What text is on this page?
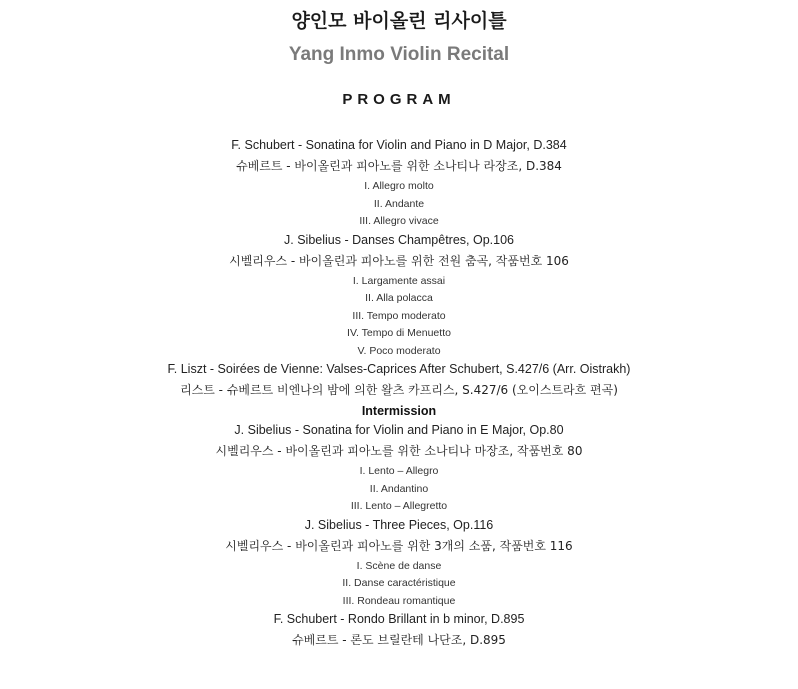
양인모 바이올린 리사이틀
Yang Inmo Violin Recital
PROGRAM
F. Schubert - Sonatina for Violin and Piano in D Major, D.384
슈베르트 - 바이올린과 피아노를 위한 소나티나 라장조, D.384
I. Allegro molto
II. Andante
III. Allegro vivace
J. Sibelius - Danses Champêtres, Op.106
시벨리우스 - 바이올린과 피아노를 위한 전원 춤곡, 작품번호 106
I. Largamente assai
II. Alla polacca
III. Tempo moderato
IV. Tempo di Menuetto
V. Poco moderato
F. Liszt - Soirées de Vienne: Valses-Caprices After Schubert, S.427/6 (Arr. Oistrakh)
리스트 - 슈베르트 비엔나의 밤에 의한 왈츠 카프리스, S.427/6 (오이스트라흐 편곡)
Intermission
J. Sibelius - Sonatina for Violin and Piano in E Major, Op.80
시벨리우스 - 바이올린과 피아노를 위한 소나티나 마장조, 작품번호 80
I. Lento – Allegro
II. Andantino
III. Lento – Allegretto
J. Sibelius - Three Pieces, Op.116
시벨리우스 - 바이올린과 피아노를 위한 3개의 소품, 작품번호 116
I. Scène de danse
II. Danse caractéristique
III. Rondeau romantique
F. Schubert - Rondo Brillant in b minor, D.895
슈베르트 - 론도 브릴란테 나단조, D.895
